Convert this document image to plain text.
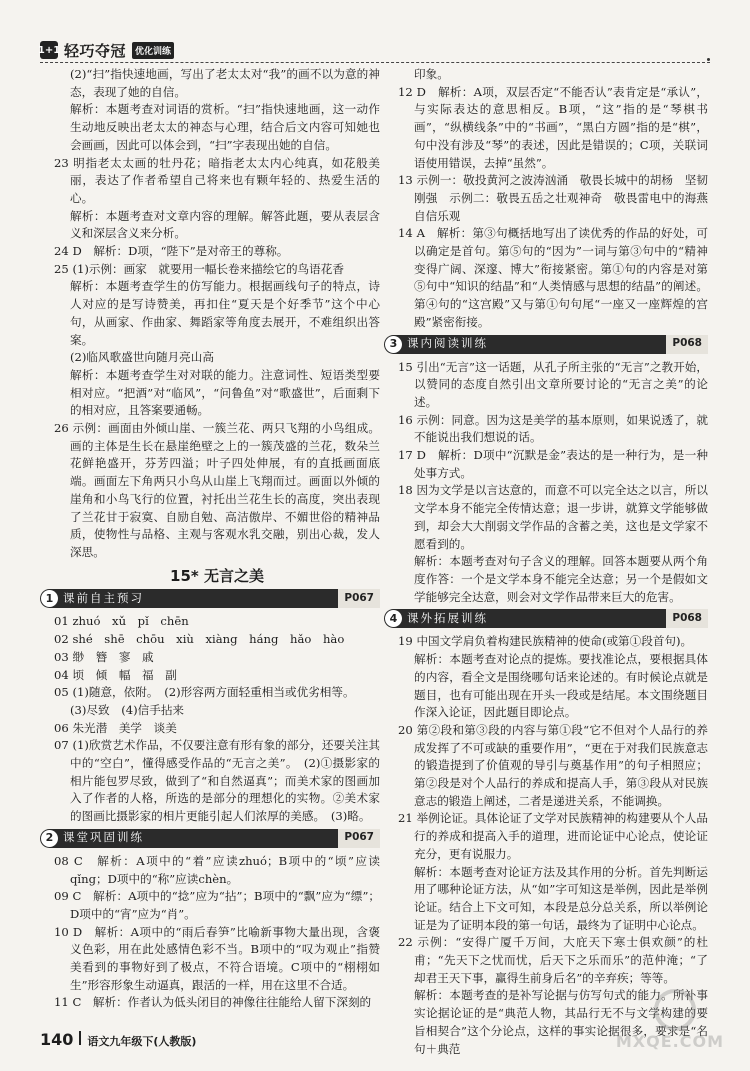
1+1 轻巧夺冠	优化训练

(2)“扫”指快速地画，写出了老太太对“我”的画不以为意的神态，表现了她的自信。

解析：本题考查对词语的赏析。“扫”指快速地画，这一动作生动地反映出老太太的神态与心理，结合后文内容可知她也会画画，因此可以体会到，“扫”字表现出她的自信。

23 明指老太太画的牡丹花；暗指老太太内心纯真，如花般美丽，表达了作者希望自己将来也有颗年轻的、热爱生活的心。

解析：本题考查对文章内容的理解。解答此题，要从表层含义和深层含义来分析。

24 D　解析：D项，“陛下”是对帝王的尊称。

25 (1)示例：画家　就要用一幅长卷来描绘它的鸟语花香

解析：本题考查学生的仿写能力。根据画线句子的特点，诗人对应的是写诗赞美，再扣住“夏天是个好季节”这个中心句，从画家、作曲家、舞蹈家等角度去展开，不难组织出答案。

(2)临风歌盛世向随月亮山高

解析：本题考查学生对对联的能力。注意词性、短语类型要相对应。“把酒”对“临风”，“问鲁鱼”对“歌盛世”，后面剩下的相对应，且答案要通畅。

26 示例：画面由外倾山崖、一簇兰花、两只飞翔的小鸟组成。画的主体是生长在悬崖绝壁之上的一簇茂盛的兰花，数朵兰花鲜艳盛开，芬芳四溢；叶子四处伸展，有的直抵画面底端。画面左下角两只小鸟从山崖上飞翔而过。画面以外倾的崖角和小鸟飞行的位置，衬托出兰花生长的高度，突出表现了兰花甘于寂寞、自励自勉、高洁傲岸、不媚世俗的精神品质，使物性与品格、主观与客观水乳交融，别出心裁，发人深思。

15* 无言之美
1 课前自主预习	P067

01 zhuó　xǔ　pǐ　chēn

02 shé　shē　chōu　xiù　xiàng　háng　hǎo　hào

03 缈　簪　寥　戚

04 顷　倾　幅　福　副

05 (1)随意，依附。　(2)形容两方面轻重相当或优劣相等。

(3)尽致　(4)信手拈来

06 朱光潜　美学　谈美

07 (1)欣赏艺术作品，不仅要注意有形有象的部分，还要关注其中的“空白”，懂得感受作品的“无言之美”。　(2)①摄影家的相片能包罗尽致，做到了“和自然逼真”；而美术家的图画加入了作者的人格，所选的是部分的理想化的实物。②美术家的图画比摄影家的相片更能引起人们浓厚的美感。　(3)略。

2 课堂巩固训练	P067

08 C　解析：A项中的“着”应读zhuó；B项中的“顷”应读qǐng；D项中的“称”应读chèn。

09 C　解析：A项中的“捻”应为“拈”；B项中的“飘”应为“缥”；D项中的“宵”应为“肖”。

10 D　解析：A项中的“雨后春笋”比喻新事物大量出现，含褒义色彩，用在此处感情色彩不当。B项中的“叹为观止”指赞美看到的事物好到了极点，不符合语境。C项中的“栩栩如生”形容形象生动逼真，跟活的一样，用在这里不合适。

11 C　解析：作者认为低头闭目的神像往往能给人留下深刻的

印象。

12 D　解析：A项，双层否定“不能否认”表肯定是“承认”，与实际表达的意思相反。B项，“这”指的是“琴棋书画”，“纵横线条”中的“书画”，“黑白方圆”指的是“棋”，句中没有涉及“琴”的表述，因此是错误的；C项，关联词语使用错误，去掉“虽然”。

13 示例一：敬投黄河之波涛汹涌　敬畏长城中的胡杨　坚韧刚强　示例二：敬畏五岳之壮观神奇　敬畏雷电中的海燕　自信乐观

14 A　解析：第③句概括地写出了读优秀的作品的好处，可以确定是首句。第⑤句的“因为”一词与第③句中的“精神变得广阔、深邃、博大”衔接紧密。第①句的内容是对第⑤句中“知识的结晶”和“人类情感与思想的结晶”的阐述。第④句的“这宫殿”又与第①句句尾“一座又一座辉煌的宫殿”紧密衔接。

3 课内阅读训练	P068

15 引出“无言”这一话题，从孔子所主张的“无言”之教开始，以赞同的态度自然引出文章所要讨论的“无言之美”的论述。

16 示例：同意。因为这是美学的基本原则，如果说透了，就不能说出我们想说的话。

17 D　解析：D项中“沉默是金”表达的是一种行为，是一种处事方式。

18 因为文学是以言达意的，而意不可以完全达之以言，所以文学本身不能完全传情达意；退一步讲，就算文学能够做到，却会大大削弱文学作品的含蓄之美，这也是文学家不愿看到的。

解析：本题考查对句子含义的理解。回答本题要从两个角度作答：一个是文学本身不能完全达意；另一个是假如文学能够完全达意，则会对文学作品带来巨大的危害。

4 课外拓展训练	P068

19 中国文学肩负着构建民族精神的使命(或第①段首句)。

解析：本题考查对论点的提炼。要找准论点，要根据具体的内容，看全文是围绕哪句话来论述的。有时候论点就是题目，也有可能出现在开头一段或是结尾。本文围绕题目作深入论证，因此题目即论点。

20 第②段和第③段的内容与第①段“它不但对个人品行的养成发挥了不可或缺的重要作用”，“更在于对我们民族意志的锻造提到了价值观的导引与奠基作用”的句子相照应；第②段是对个人品行的养成和提高人手，第③段从对民族意志的锻造上阐述，二者是递进关系，不能调换。

21 举例论证。具体论证了文学对民族精神的构建要从个人品行的养成和提高入手的道理，进而论证中心论点，使论证充分，更有说服力。

解析：本题考查对论证方法及其作用的分析。首先判断运用了哪种论证方法，从“如”字可知这是举例，因此是举例论证。结合上下文可知，本段是总分总关系，所以举例论证是为了证明本段的第一句话，最终为了证明中心论点。

22 示例：“安得广厦千万间，大庇天下寒士俱欢颜”的杜甫；“先天下之忧而忧，后天下之乐而乐”的范仲淹；“了却君王天下事，赢得生前身后名”的辛弃疾；等等。

解析：本题考查的是补写论据与仿写句式的能力。所补事实论据论证的是“典范人物，其品行无不与文学构建的要旨相契合”这个分论点，这样的事实论据很多，要求是“名句＋典范

140 语文九年级下(人教版)	MXQE.COM
